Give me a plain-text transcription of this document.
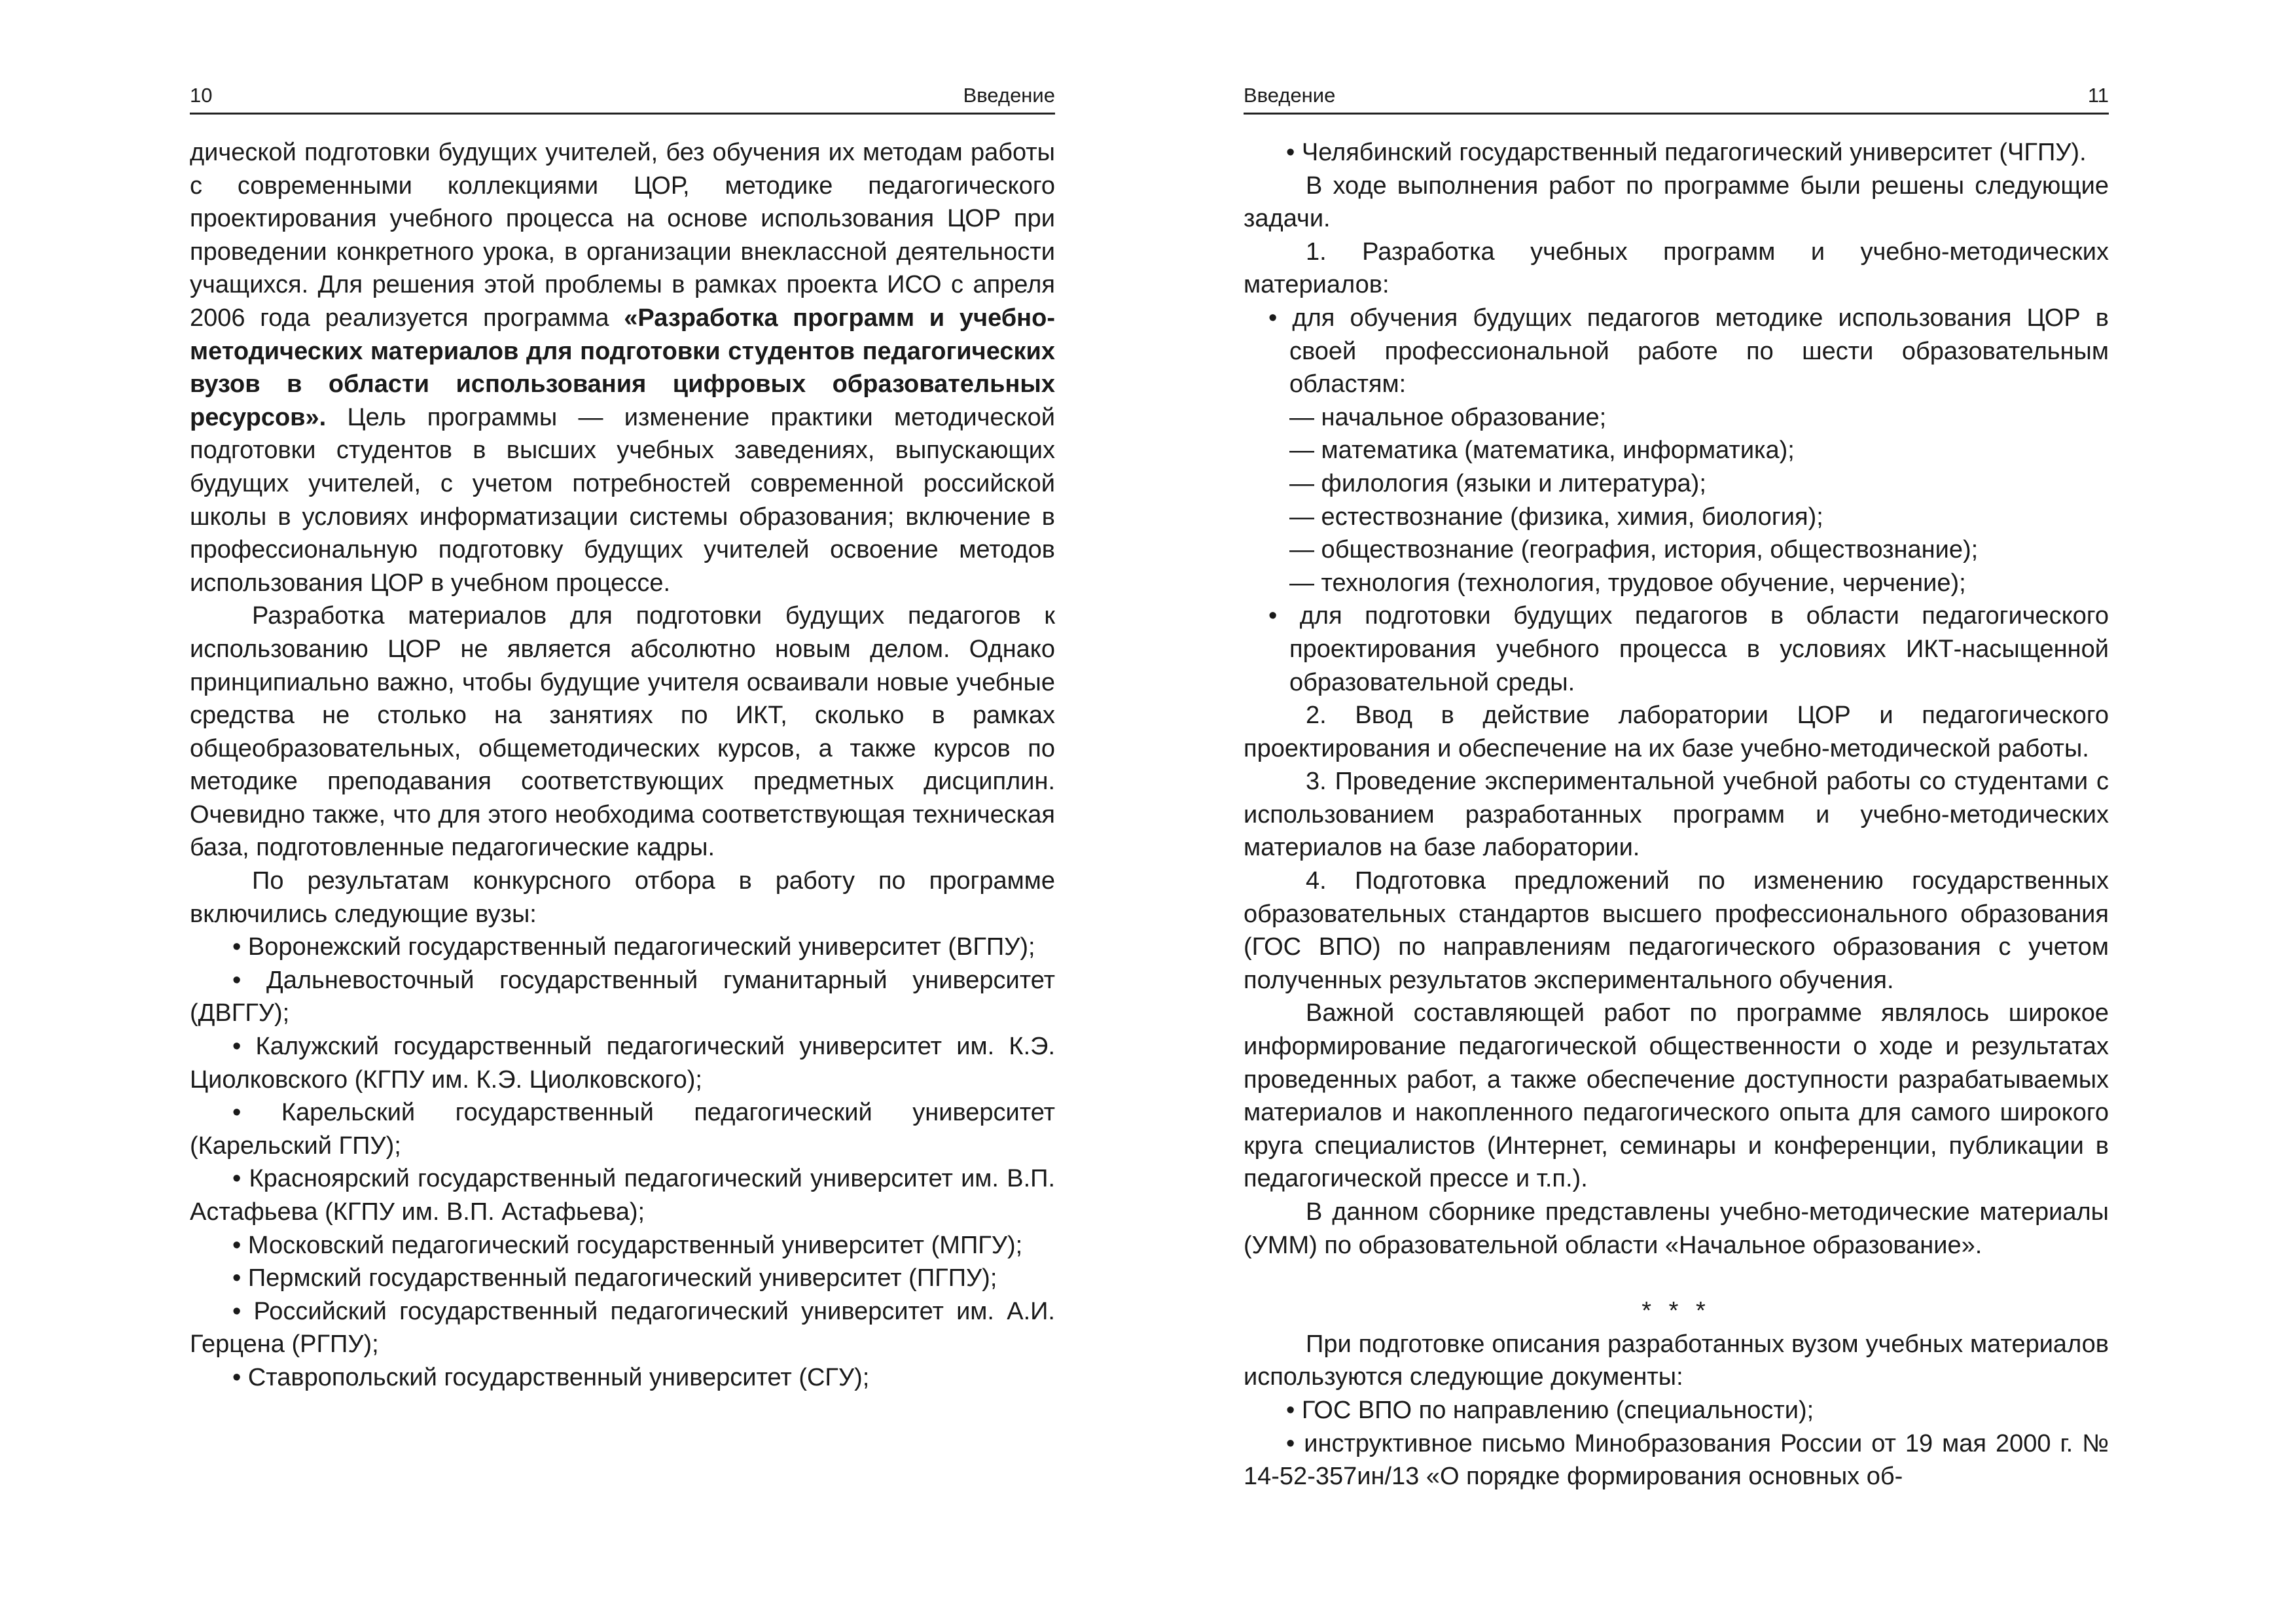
10	Введение

дической подготовки будущих учителей, без обучения их методам работы с современными коллекциями ЦОР, методике педагогического проектирования учебного процесса на основе использования ЦОР при проведении конкретного урока, в организации внеклассной деятельности учащихся. Для решения этой проблемы в рамках проекта ИСО с апреля 2006 года реализуется программа «Разработка программ и учебно-методических материалов для подготовки студентов педагогических вузов в области использования цифровых образовательных ресурсов». Цель программы — изменение практики методической подготовки студентов в высших учебных заведениях, выпускающих будущих учителей, с учетом потребностей современной российской школы в условиях информатизации системы образования; включение в профессиональную подготовку будущих учителей освоение методов использования ЦОР в учебном процессе.

Разработка материалов для подготовки будущих педагогов к использованию ЦОР не является абсолютно новым делом. Однако принципиально важно, чтобы будущие учителя осваивали новые учебные средства не столько на занятиях по ИКТ, сколько в рамках общеобразовательных, общеметодических курсов, а также курсов по методике преподавания соответствующих предметных дисциплин. Очевидно также, что для этого необходима соответствующая техническая база, подготовленные педагогические кадры.

По результатам конкурсного отбора в работу по программе включились следующие вузы:

• Воронежский государственный педагогический университет (ВГПУ);

• Дальневосточный государственный гуманитарный университет (ДВГГУ);

• Калужский государственный педагогический университет им. К.Э. Циолковского (КГПУ им. К.Э. Циолковского);

• Карельский государственный педагогический университет (Карельский ГПУ);

• Красноярский государственный педагогический университет им. В.П. Астафьева (КГПУ им. В.П. Астафьева);

• Московский педагогический государственный университет (МПГУ);

• Пермский государственный педагогический университет (ПГПУ);

• Российский государственный педагогический университет им. А.И. Герцена (РГПУ);

• Ставропольский государственный университет (СГУ);

Введение	11

• Челябинский государственный педагогический университет (ЧГПУ).

В ходе выполнения работ по программе были решены следующие задачи.

1. Разработка учебных программ и учебно-методических материалов:

• для обучения будущих педагогов методике использования ЦОР в своей профессиональной работе по шести образовательным областям:

— начальное образование;

— математика (математика, информатика);

— филология (языки и литература);

— естествознание (физика, химия, биология);

— обществознание (география, история, обществознание);

— технология (технология, трудовое обучение, черчение);

• для подготовки будущих педагогов в области педагогического проектирования учебного процесса в условиях ИКТ-насыщенной образовательной среды.

2. Ввод в действие лаборатории ЦОР и педагогического проектирования и обеспечение на их базе учебно-методической работы.

3. Проведение экспериментальной учебной работы со студентами с использованием разработанных программ и учебно-методических материалов на базе лаборатории.

4. Подготовка предложений по изменению государственных образовательных стандартов высшего профессионального образования (ГОС ВПО) по направлениям педагогического образования с учетом полученных результатов экспериментального обучения.

Важной составляющей работ по программе являлось широкое информирование педагогической общественности о ходе и результатах проведенных работ, а также обеспечение доступности разрабатываемых материалов и накопленного педагогического опыта для самого широкого круга специалистов (Интернет, семинары и конференции, публикации в педагогической прессе и т.п.).

В данном сборнике представлены учебно-методические материалы (УММ) по образовательной области «Начальное образование».

* * *

При подготовке описания разработанных вузом учебных материалов используются следующие документы:

• ГОС ВПО по направлению (специальности);

• инструктивное письмо Минобразования России от 19 мая 2000 г. № 14-52-357ин/13 «О порядке формирования основных об-
